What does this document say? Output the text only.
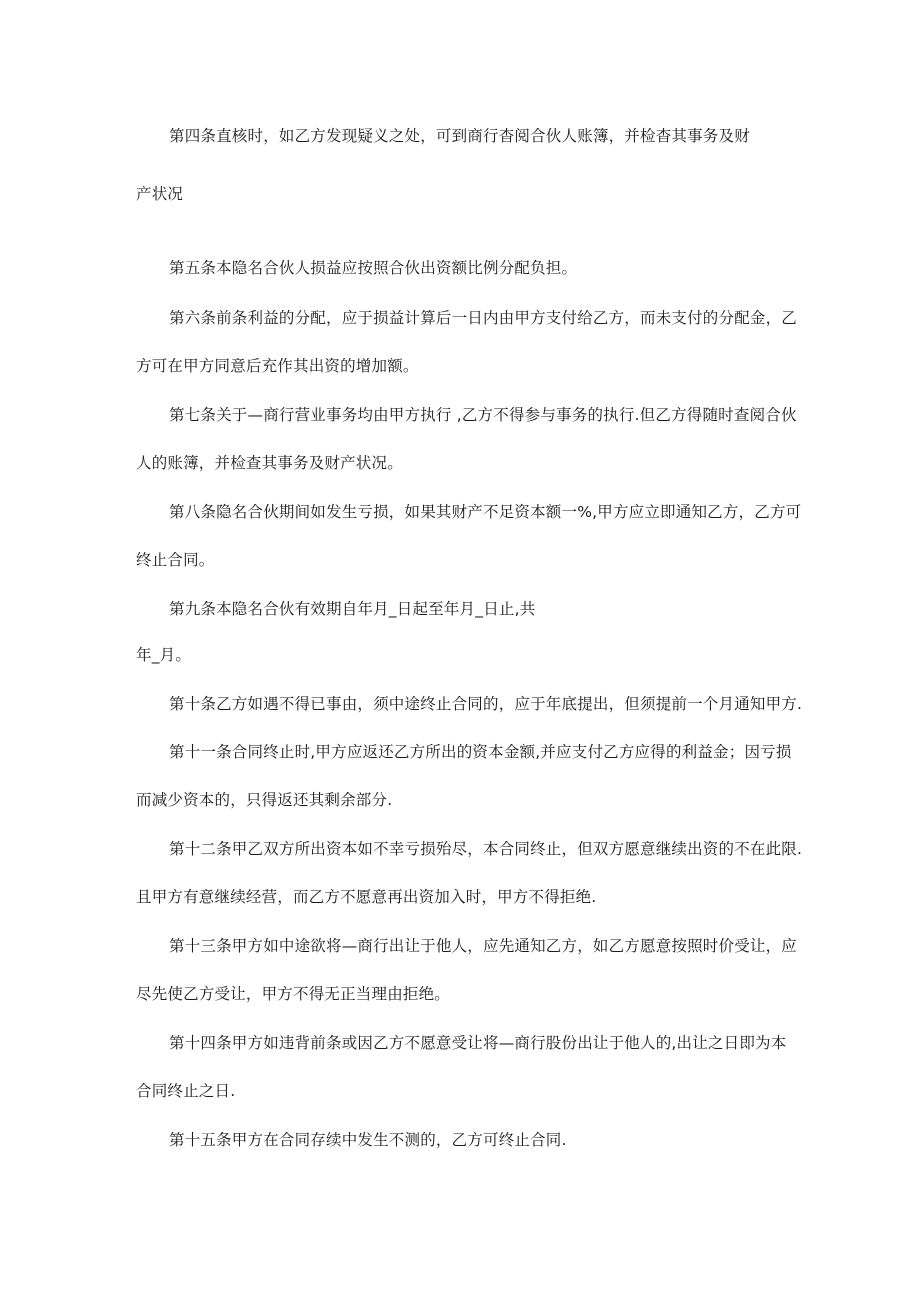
第四条直核时，如乙方发现疑义之处，可到商行杳阅合伙人账簿，并检杳其事务及财
产状况
第五条本隐名合伙人损益应按照合伙出资额比例分配负担。
第六条前条利益的分配，应于损益计算后一日内由甲方支付给乙方，而未支付的分配金，乙
方可在甲方同意后充作其出资的增加额。
第七条关于—商行营业事务均由甲方执行 ,乙方不得参与事务的执行.但乙方得随时查阅合伙
人的账簿，并检查其事务及财产状况。
第八条隐名合伙期间如发生亏损，如果其财产不足资本额一%,甲方应立即通知乙方，乙方可
终止合同。
第九条本隐名合伙有效期自年月_日起至年月_日止,共
年_月。
第十条乙方如遇不得已事由，须中途终止合同的，应于年底提出，但须提前一个月通知甲方.
第十一条合同终止时,甲方应返还乙方所出的资本金额,并应支付乙方应得的利益金；因亏损
而减少资本的，只得返还其剩余部分.
第十二条甲乙双方所出资本如不幸亏损殆尽，本合同终止，但双方愿意继续出资的不在此限.
且甲方有意继续经营，而乙方不愿意再出资加入时，甲方不得拒绝.
第十三条甲方如中途欲将—商行出让于他人，应先通知乙方，如乙方愿意按照时价受让，应
尽先使乙方受让，甲方不得无正当理由拒绝。
第十四条甲方如违背前条或因乙方不愿意受让将—商行股份出让于他人的,出让之日即为本
合同终止之日.
第十五条甲方在合同存续中发生不测的，乙方可终止合同.
